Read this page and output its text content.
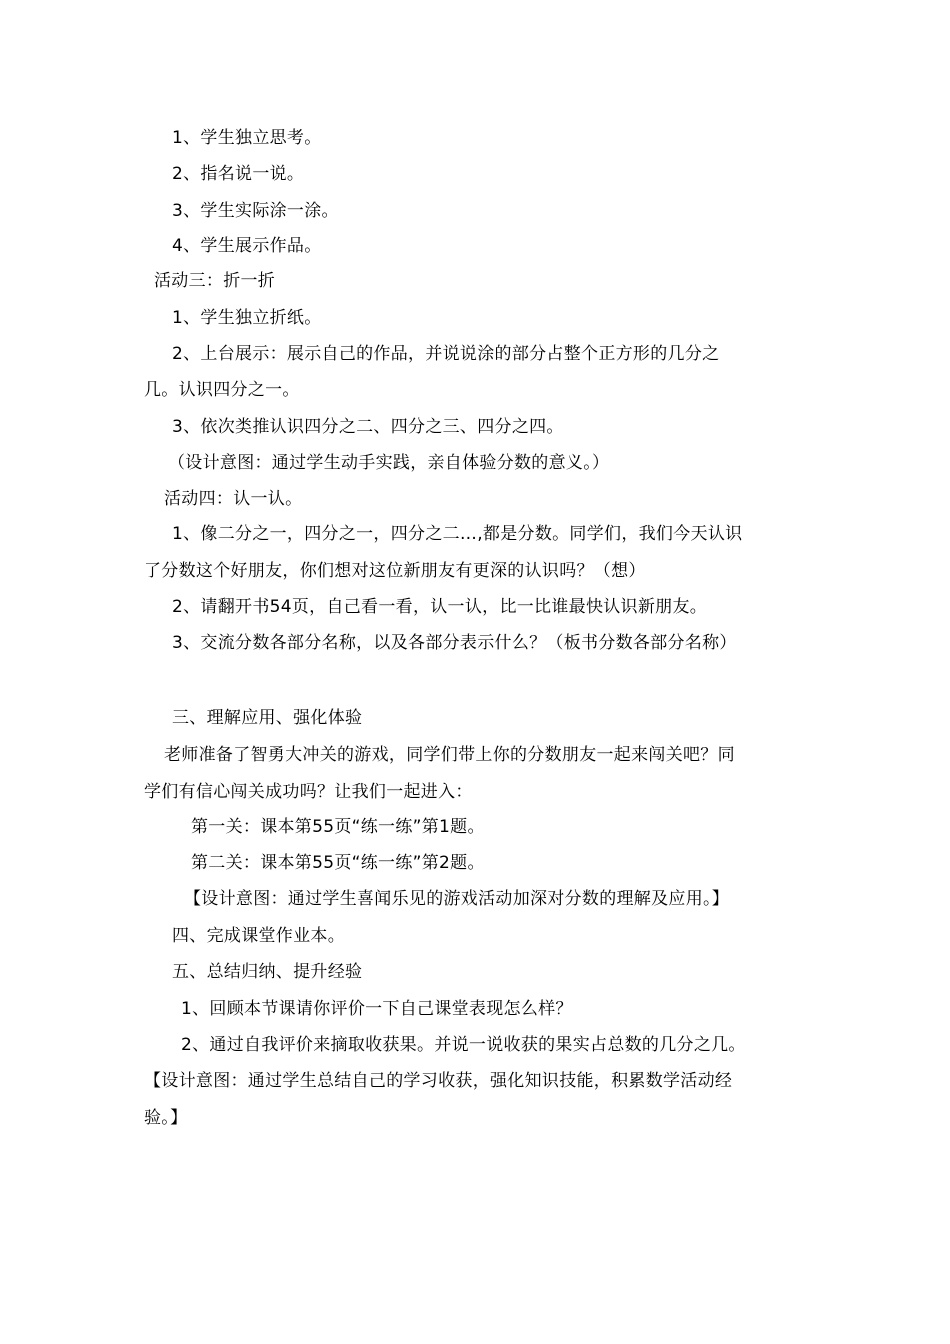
1、学生独立思考。
2、指名说一说。
3、学生实际涂一涂。
4、学生展示作品。
活动三：折一折
1、学生独立折纸。
2、上台展示：展示自己的作品，并说说涂的部分占整个正方形的几分之
几。认识四分之一。
3、依次类推认识四分之二、四分之三、四分之四。
（设计意图：通过学生动手实践，亲自体验分数的意义。）
活动四：认一认。
1、像二分之一，四分之一，四分之二…,都是分数。同学们，我们今天认识
了分数这个好朋友，你们想对这位新朋友有更深的认识吗？（想）
2、请翻开书54页，自己看一看，认一认，比一比谁最快认识新朋友。
3、交流分数各部分名称，以及各部分表示什么？（板书分数各部分名称）
三、理解应用、强化体验
老师准备了智勇大冲关的游戏，同学们带上你的分数朋友一起来闯关吧？同
学们有信心闯关成功吗？让我们一起进入：
第一关：课本第55页“练一练”第1题。
第二关：课本第55页“练一练”第2题。
【设计意图：通过学生喜闻乐见的游戏活动加深对分数的理解及应用。】
四、完成课堂作业本。
五、总结归纳、提升经验
1、回顾本节课请你评价一下自己课堂表现怎么样？
2、通过自我评价来摘取收获果。并说一说收获的果实占总数的几分之几。
【设计意图：通过学生总结自己的学习收获，强化知识技能，积累数学活动经
验。】
